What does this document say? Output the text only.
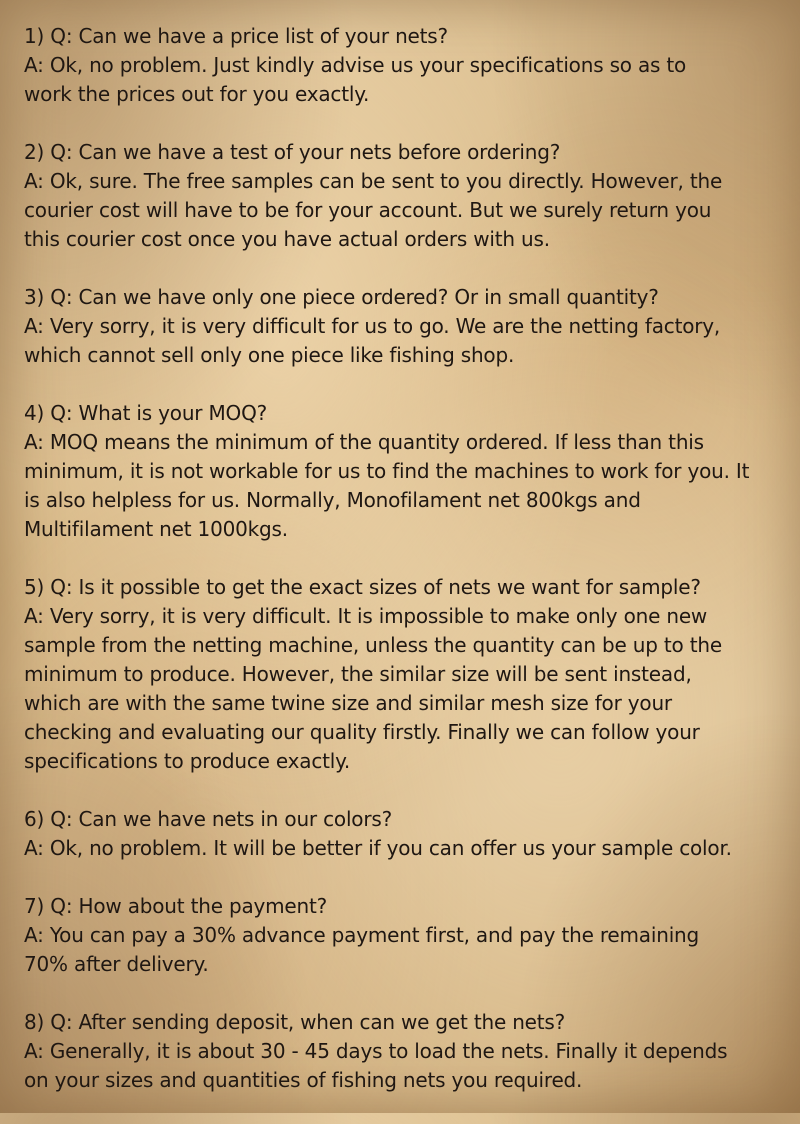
1) Q: Can we have a price list of your nets?
A: Ok, no problem. Just kindly advise us your specifications so as to
work the prices out for you exactly.
2) Q: Can we have a test of your nets before ordering?
A: Ok, sure. The free samples can be sent to you directly. However, the
courier cost will have to be for your account. But we surely return you
this courier cost once you have actual orders with us.
3) Q: Can we have only one piece ordered? Or in small quantity?
A: Very sorry, it is very difficult for us to go. We are the netting factory,
which cannot sell only one piece like fishing shop.
4) Q: What is your MOQ?
A: MOQ means the minimum of the quantity ordered. If less than this
minimum, it is not workable for us to find the machines to work for you. It
is also helpless for us. Normally, Monofilament net 800kgs and
Multifilament net 1000kgs.
5) Q: Is it possible to get the exact sizes of nets we want for sample?
A: Very sorry, it is very difficult. It is impossible to make only one new
sample from the netting machine, unless the quantity can be up to the
minimum to produce. However, the similar size will be sent instead,
which are with the same twine size and similar mesh size for your
checking and evaluating our quality firstly. Finally we can follow your
specifications to produce exactly.
6) Q: Can we have nets in our colors?
A: Ok, no problem. It will be better if you can offer us your sample color.
7) Q: How about the payment?
A: You can pay a 30% advance payment first, and pay the remaining
70% after delivery.
8) Q: After sending deposit, when can we get the nets?
A: Generally, it is about 30 - 45 days to load the nets. Finally it depends
on your sizes and quantities of fishing nets you required.
